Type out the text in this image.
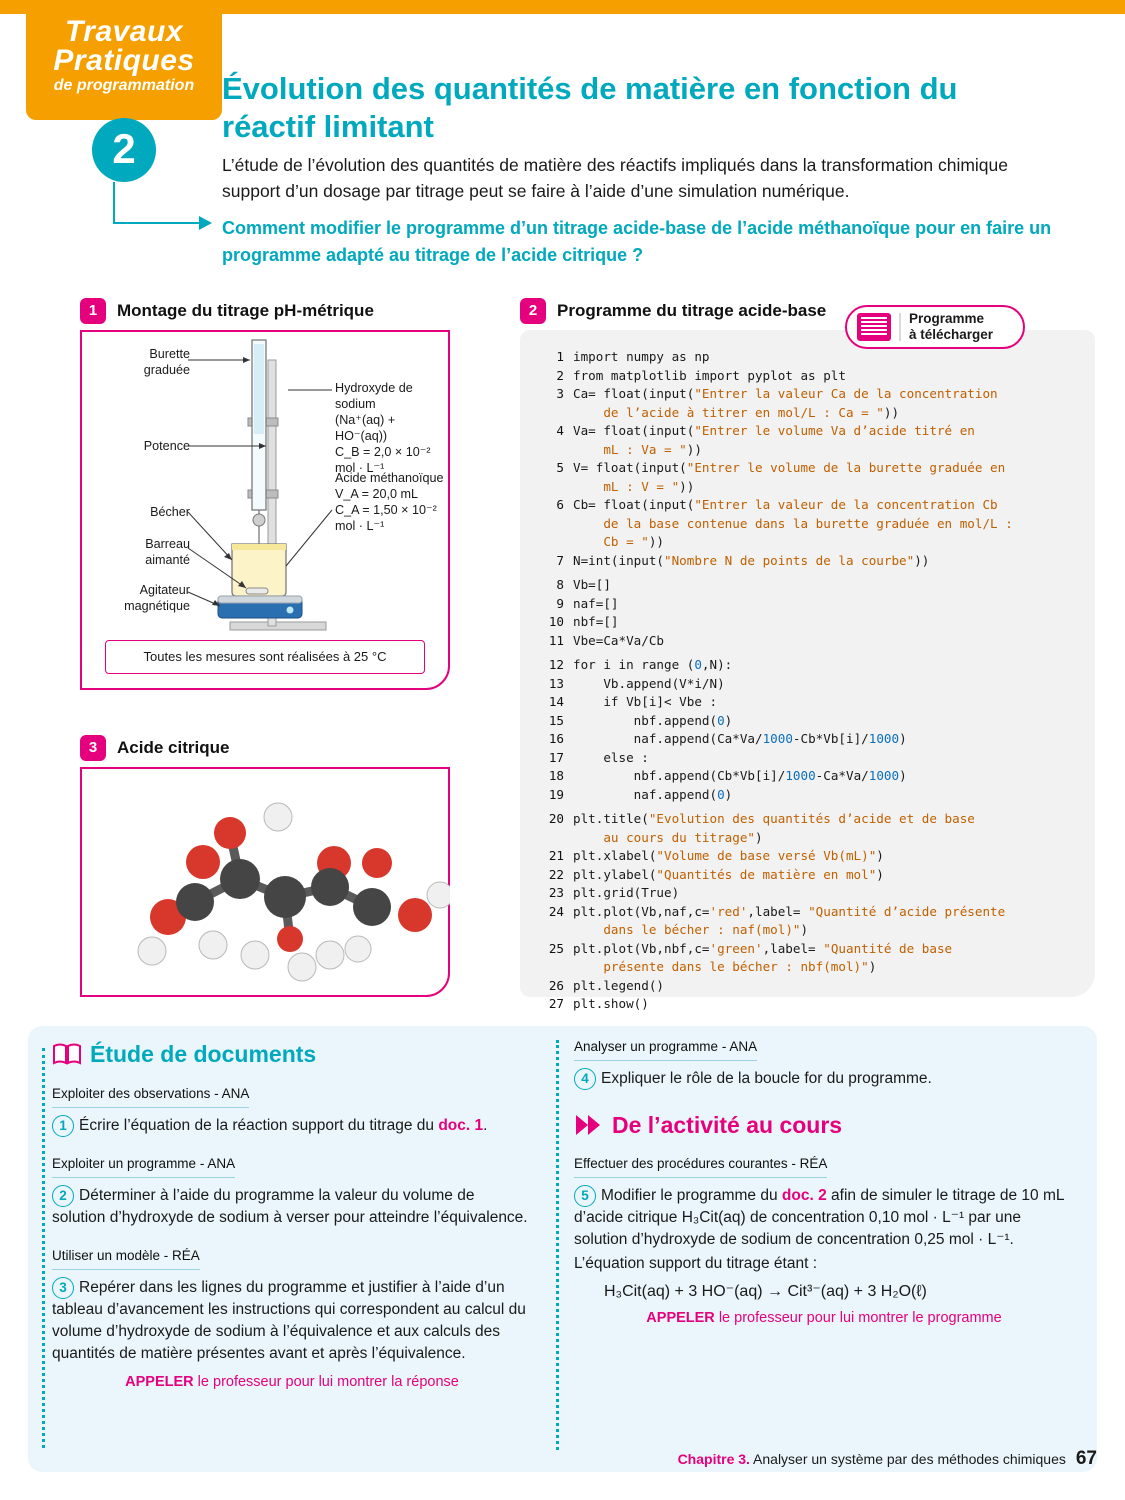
Travaux
Pratiques
de programmation
2
Évolution des quantités de matière en fonction du réactif limitant
L’étude de l’évolution des quantités de matière des réactifs impliqués dans la transformation chimique support d’un dosage par titrage peut se faire à l’aide d’une simulation numérique.
Comment modifier le programme d’un titrage acide-base de l’acide méthanoïque pour en faire un programme adapté au titrage de l’acide citrique ?
1	Montage du titrage pH-métrique
Burette graduée
Potence
Bécher
Barreau aimanté
Agitateur magnétique
Hydroxyde de sodium
(Na⁺(aq) + HO⁻(aq))
C_B = 2,0 × 10⁻² mol · L⁻¹
Acide méthanoïque
V_A = 20,0 mL
C_A = 1,50 × 10⁻² mol · L⁻¹
Toutes les mesures sont réalisées à 25 °C
3	Acide citrique
2	Programme du titrage acide-base	Programme
à télécharger
1 import numpy as np
2 from matplotlib import pyplot as plt
3 Ca= float(input("Entrer la valeur Ca de la concentration
de l’acide à titrer en mol/L : Ca = "))
4 Va= float(input("Entrer le volume Va d’acide titré en
mL : Va = "))
5 V= float(input("Entrer le volume de la burette graduée en
mL : V = "))
6 Cb= float(input("Entrer la valeur de la concentration Cb
de la base contenue dans la burette graduée en mol/L :
Cb = "))
7 N=int(input("Nombre N de points de la courbe"))
8 Vb=[]
9 naf=[]
10 nbf=[]
11 Vbe=Ca*Va/Cb
12 for i in range (0,N):
13 Vb.append(V*i/N)
14 if Vb[i]< Vbe :
15 nbf.append(0)
16 naf.append(Ca*Va/1000-Cb*Vb[i]/1000)
17 else :
18 nbf.append(Cb*Vb[i]/1000-Ca*Va/1000)
19 naf.append(0)
20 plt.title("Evolution des quantités d’acide et de base
au cours du titrage")
21 plt.xlabel("Volume de base versé Vb(mL)")
22 plt.ylabel("Quantités de matière en mol")
23 plt.grid(True)
24 plt.plot(Vb,naf,c='red',label= "Quantité d’acide présente
dans le bécher : naf(mol)")
25 plt.plot(Vb,nbf,c='green',label= "Quantité de base
présente dans le bécher : nbf(mol)")
26 plt.legend()
27 plt.show()
Étude de documents
Exploiter des observations - ANA
1 Écrire l’équation de la réaction support du titrage du doc. 1.
Exploiter un programme - ANA
2 Déterminer à l’aide du programme la valeur du volume de solution d’hydroxyde de sodium à verser pour atteindre l’équivalence.
Utiliser un modèle - RÉA
3 Repérer dans les lignes du programme et justifier à l’aide d’un tableau d’avancement les instructions qui correspondent au calcul du volume d’hydroxyde de sodium à l’équivalence et aux calculs des quantités de matière présentes avant et après l’équivalence.
APPELER le professeur pour lui montrer la réponse
Analyser un programme - ANA
4 Expliquer le rôle de la boucle for du programme.
De l’activité au cours
Effectuer des procédures courantes - RÉA
5 Modifier le programme du doc. 2 afin de simuler le titrage de 10 mL d’acide citrique H₃Cit(aq) de concentration 0,10 mol · L⁻¹ par une solution d’hydroxyde de sodium de concentration 0,25 mol · L⁻¹.
L’équation support du titrage étant :
H₃Cit(aq) + 3 HO⁻(aq) → Cit³⁻(aq) + 3 H₂O(ℓ)
APPELER le professeur pour lui montrer le programme
Chapitre 3. Analyser un système par des méthodes chimiques 67
